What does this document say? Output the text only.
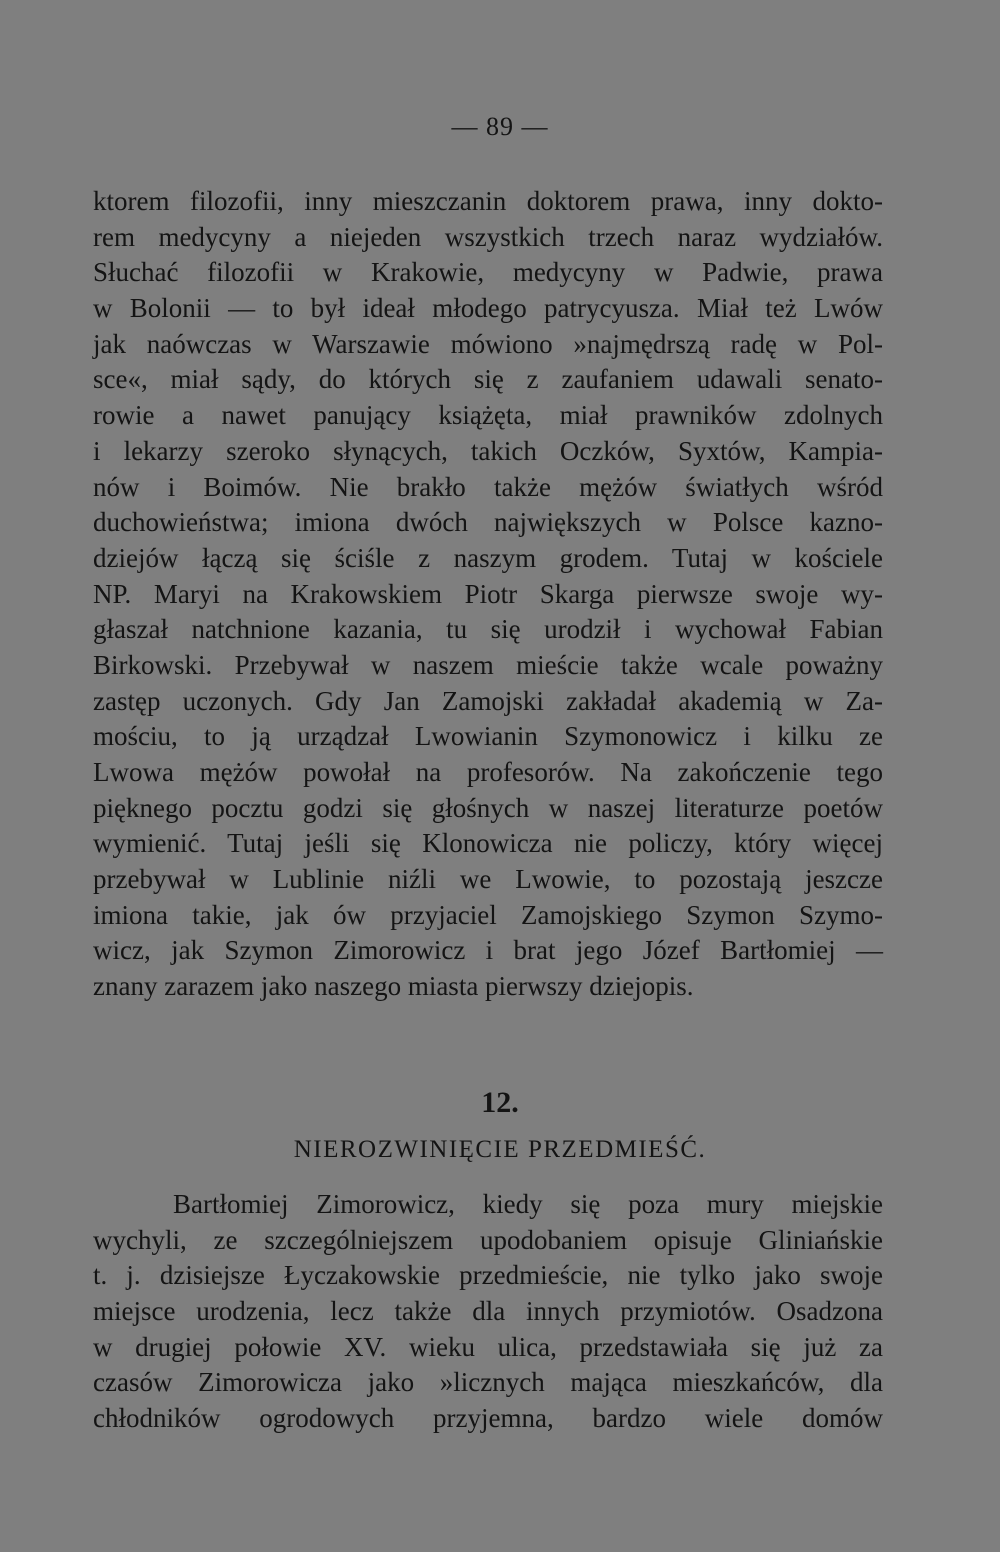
— 89 —
ktorem filozofii, inny mieszczanin doktorem prawa, inny dokto-
rem medycyny a niejeden wszystkich trzech naraz wydziałów.
Słuchać filozofii w Krakowie, medycyny w Padwie, prawa
w Bolonii — to był ideał młodego patrycyusza. Miał też Lwów
jak naówczas w Warszawie mówiono »najmędrszą radę w Pol-
sce«, miał sądy, do których się z zaufaniem udawali senato-
rowie a nawet panujący książęta, miał prawników zdolnych
i lekarzy szeroko słynących, takich Oczków, Syxtów, Kampia-
nów i Boimów. Nie brakło także mężów światłych wśród
duchowieństwa; imiona dwóch największych w Polsce kazno-
dziejów łączą się ściśle z naszym grodem. Tutaj w kościele
NP. Maryi na Krakowskiem Piotr Skarga pierwsze swoje wy-
głaszał natchnione kazania, tu się urodził i wychował Fabian
Birkowski. Przebywał w naszem mieście także wcale poważny
zastęp uczonych. Gdy Jan Zamojski zakładał akademią w Za-
mościu, to ją urządzał Lwowianin Szymonowicz i kilku ze
Lwowa mężów powołał na profesorów. Na zakończenie tego
pięknego pocztu godzi się głośnych w naszej literaturze poetów
wymienić. Tutaj jeśli się Klonowicza nie policzy, który więcej
przebywał w Lublinie niźli we Lwowie, to pozostają jeszcze
imiona takie, jak ów przyjaciel Zamojskiego Szymon Szymo-
wicz, jak Szymon Zimorowicz i brat jego Józef Bartłomiej —
znany zarazem jako naszego miasta pierwszy dziejopis.
12.
NIEROZWINIĘCIE PRZEDMIEŚĆ.
Bartłomiej Zimorowicz, kiedy się poza mury miejskie
wychyli, ze szczególniejszem upodobaniem opisuje Gliniańskie
t. j. dzisiejsze Łyczakowskie przedmieście, nie tylko jako swoje
miejsce urodzenia, lecz także dla innych przymiotów. Osadzona
w drugiej połowie XV. wieku ulica, przedstawiała się już za
czasów Zimorowicza jako »licznych mająca mieszkańców, dla
chłodników ogrodowych przyjemna, bardzo wiele domów
